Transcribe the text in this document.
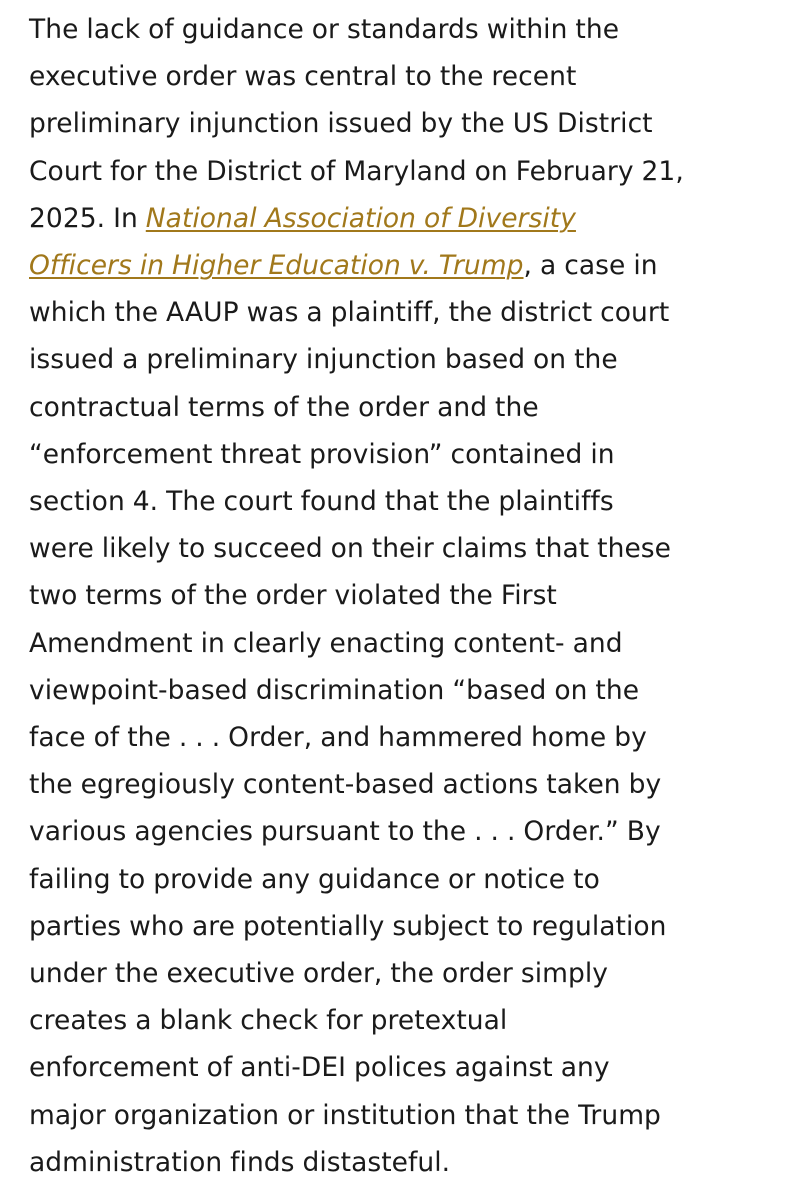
The lack of guidance or standards within the
executive order was central to the recent
preliminary injunction issued by the US District
Court for the District of Maryland on February 21,
2025. In National Association of Diversity
Officers in Higher Education v. Trump, a case in
which the AAUP was a plaintiff, the district court
issued a preliminary injunction based on the
contractual terms of the order and the
“enforcement threat provision” contained in
section 4. The court found that the plaintiffs
were likely to succeed on their claims that these
two terms of the order violated the First
Amendment in clearly enacting content- and
viewpoint-based discrimination “based on the
face of the . . . Order, and hammered home by
the egregiously content-based actions taken by
various agencies pursuant to the . . . Order.” By
failing to provide any guidance or notice to
parties who are potentially subject to regulation
under the executive order, the order simply
creates a blank check for pretextual
enforcement of anti-DEI polices against any
major organization or institution that the Trump
administration finds distasteful.
